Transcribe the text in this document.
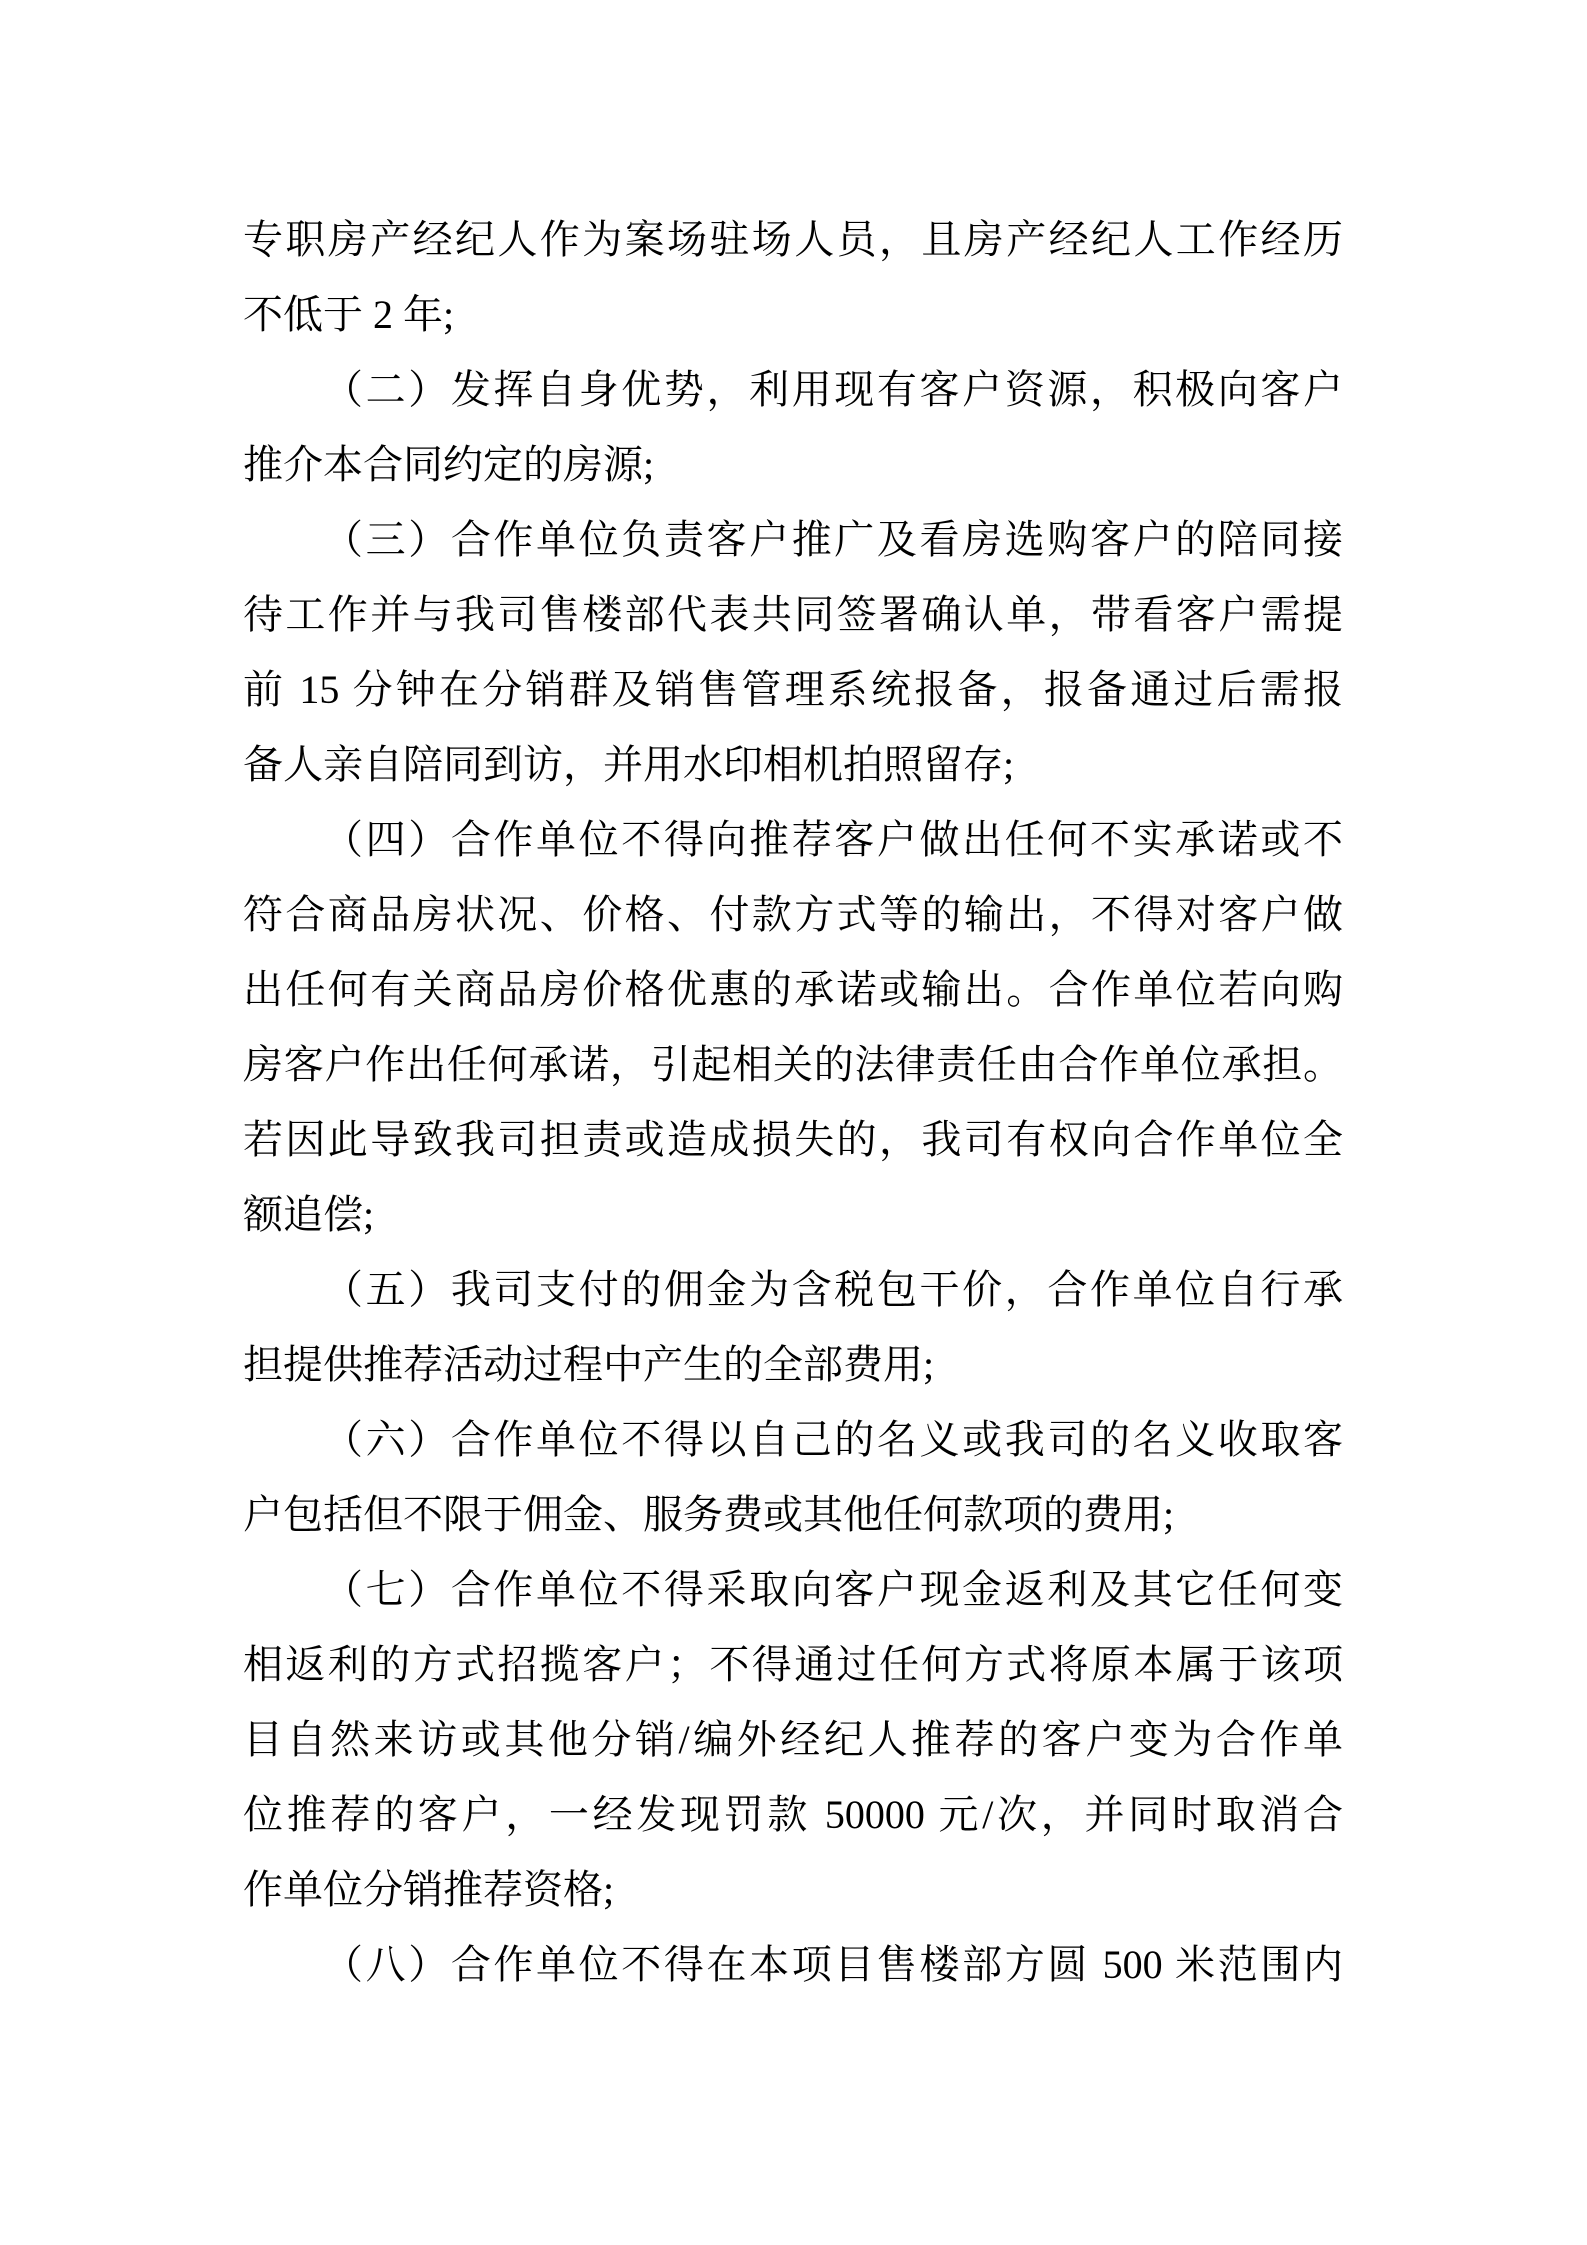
专职房产经纪人作为案场驻场人员，且房产经纪人工作经历
不低于 2 年;
（二）发挥自身优势，利用现有客户资源，积极向客户
推介本合同约定的房源;
（三）合作单位负责客户推广及看房选购客户的陪同接
待工作并与我司售楼部代表共同签署确认单，带看客户需提
前 15 分钟在分销群及销售管理系统报备，报备通过后需报
备人亲自陪同到访，并用水印相机拍照留存;
（四）合作单位不得向推荐客户做出任何不实承诺或不
符合商品房状况、价格、付款方式等的输出，不得对客户做
出任何有关商品房价格优惠的承诺或输出。合作单位若向购
房客户作出任何承诺，引起相关的法律责任由合作单位承担。
若因此导致我司担责或造成损失的，我司有权向合作单位全
额追偿;
（五）我司支付的佣金为含税包干价，合作单位自行承
担提供推荐活动过程中产生的全部费用;
（六）合作单位不得以自己的名义或我司的名义收取客
户包括但不限于佣金、服务费或其他任何款项的费用;
（七）合作单位不得采取向客户现金返利及其它任何变
相返利的方式招揽客户；不得通过任何方式将原本属于该项
目自然来访或其他分销/编外经纪人推荐的客户变为合作单
位推荐的客户，一经发现罚款 50000 元/次，并同时取消合
作单位分销推荐资格;
（八）合作单位不得在本项目售楼部方圆 500 米范围内
